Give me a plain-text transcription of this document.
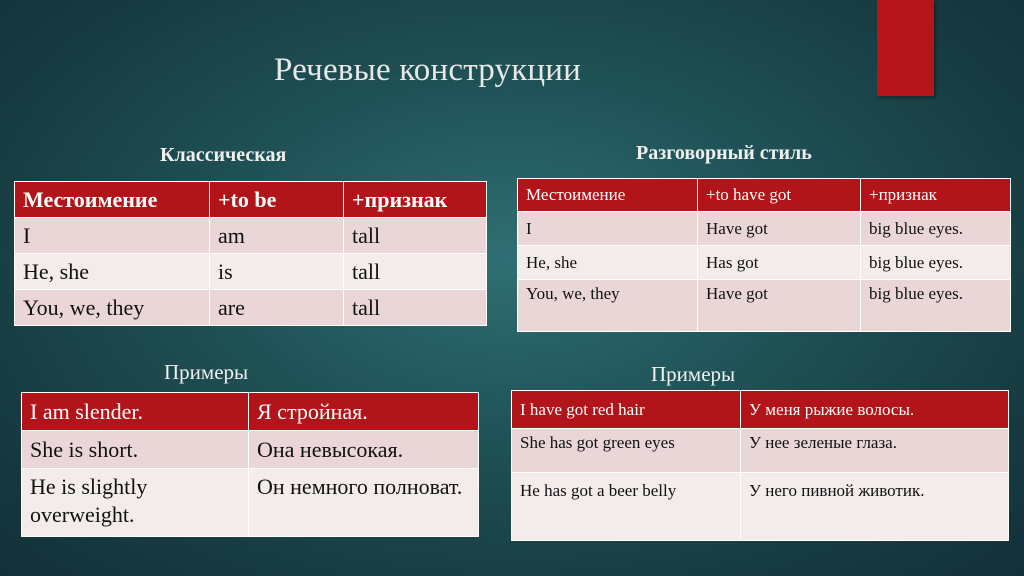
Речевые конструкции
Классическая
Местоимение	+to be	+признак
I	am	tall
He, she	is	tall
You, we, they	are	tall
Разговорный стиль
Местоимение	+to have got	+признак
I	Have got	big blue eyes.
He, she	Has got	big blue eyes.
You, we, they	Have got	big blue eyes.
Примеры
I am slender.	Я стройная.
She is short.	Она невысокая.
He is slightly overweight.	Он немного полноват.
Примеры
I have got red hair	У меня рыжие волосы.
She has got green eyes	У нее зеленые глаза.
He has got a beer belly	У него пивной животик.
